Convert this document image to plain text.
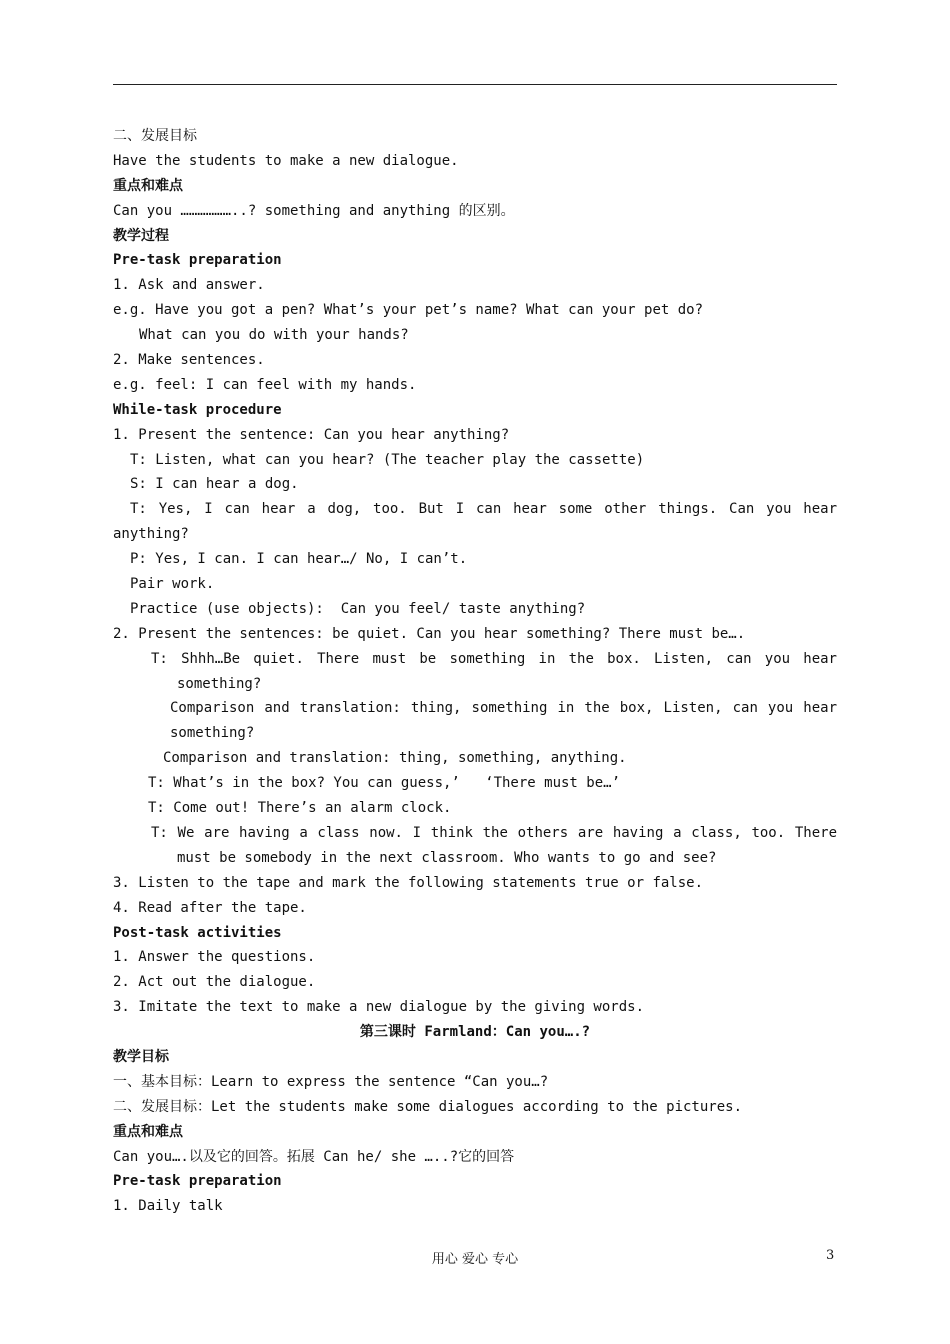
二、发展目标
Have the students to make a new dialogue.
重点和难点
Can you ………………..? something and anything 的区别。
教学过程
Pre-task preparation
1. Ask and answer.
e.g. Have you got a pen? What’s your pet’s name? What can your pet do?
What can you do with your hands?
2. Make sentences.
e.g. feel: I can feel with my hands.
While-task procedure
1. Present the sentence: Can you hear anything?
T: Listen, what can you hear? (The teacher play the cassette)
S: I can hear a dog.
T: Yes, I can hear a dog, too. But I can hear some other things. Can you hear
anything?
P: Yes, I can. I can hear…/ No, I can’t.
Pair work.
Practice (use objects):  Can you feel/ taste anything?
2. Present the sentences: be quiet. Can you hear something? There must be….
T: Shhh…Be quiet. There must be something in the box. Listen, can you hear
something?
Comparison and translation: thing, something in the box, Listen, can you hear
something?
Comparison and translation: thing, something, anything.
T: What’s in the box? You can guess,’   ‘There must be…’
T: Come out! There’s an alarm clock.
T: We are having a class now. I think the others are having a class, too. There
must be somebody in the next classroom. Who wants to go and see?
3. Listen to the tape and mark the following statements true or false.
4. Read after the tape.
Post-task activities
1. Answer the questions.
2. Act out the dialogue.
3. Imitate the text to make a new dialogue by the giving words.
第三课时 Farmland：Can you….?
教学目标
一、基本目标：Learn to express the sentence “Can you…?
二、发展目标：Let the students make some dialogues according to the pictures.
重点和难点
Can you….以及它的回答。拓展 Can he/ she …..?它的回答
Pre-task preparation
1. Daily talk
用心 爱心 专心	3
